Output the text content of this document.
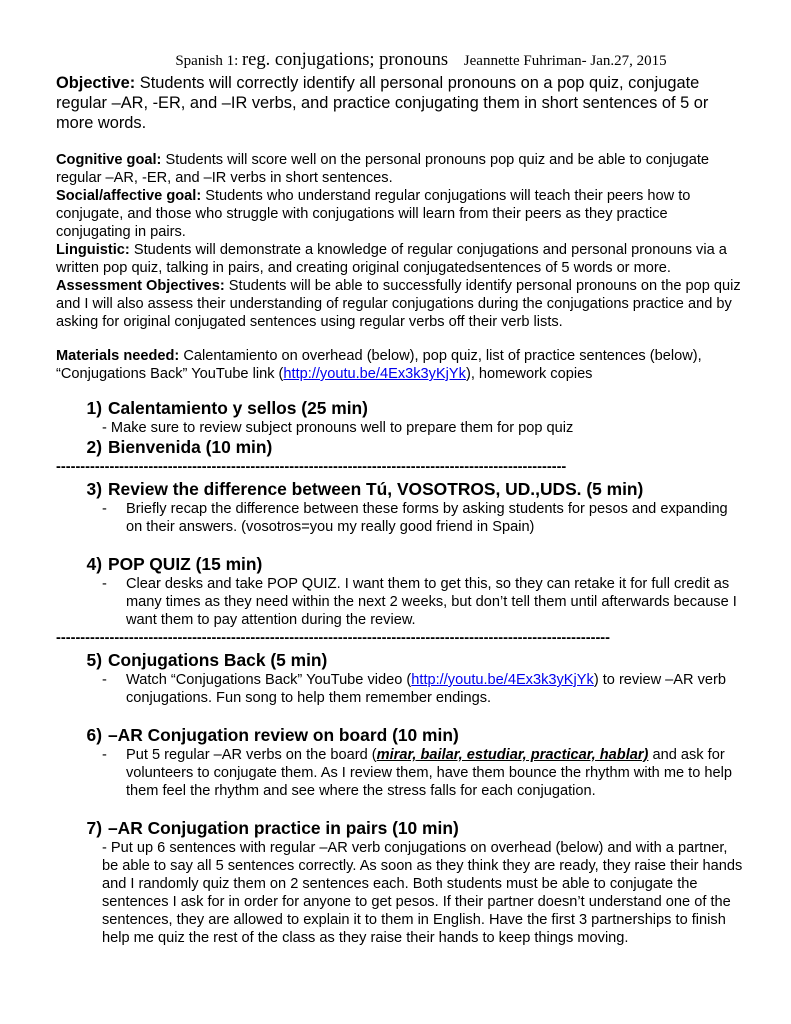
Spanish 1: reg. conjugations; pronouns Jeannette Fuhriman- Jan.27, 2015
Objective: Students will correctly identify all personal pronouns on a pop quiz, conjugate regular –AR, -ER, and –IR verbs, and practice conjugating them in short sentences of 5 or more words.

Cognitive goal: Students will score well on the personal pronouns pop quiz and be able to conjugate regular –AR, -ER, and –IR verbs in short sentences.

Social/affective goal: Students who understand regular conjugations will teach their peers how to conjugate, and those who struggle with conjugations will learn from their peers as they practice conjugating in pairs.

Linguistic: Students will demonstrate a knowledge of regular conjugations and personal pronouns via a written pop quiz, talking in pairs, and creating original conjugatedsentences of 5 words or more.

Assessment Objectives: Students will be able to successfully identify personal pronouns on the pop quiz and I will also assess their understanding of regular conjugations during the conjugations practice and by asking for original conjugated sentences using regular verbs off their verb lists.

Materials needed: Calentamiento on overhead (below), pop quiz, list of practice sentences (below), “Conjugations Back” YouTube link (http://youtu.be/4Ex3k3yKjYk), homework copies
1) Calentamiento y sellos (25 min)
- Make sure to review subject pronouns well to prepare them for pop quiz
2) Bienvenida (10 min)
---------------------------------------------------------------------------------------------------------
3) Review the difference between Tú, VOSOTROS, UD.,UDS. (5 min)
-	Briefly recap the difference between these forms by asking students for pesos and expanding on their answers. (vosotros=you my really good friend in Spain)
4) POP QUIZ (15 min)
-	Clear desks and take POP QUIZ. I want them to get this, so they can retake it for full credit as many times as they need within the next 2 weeks, but don’t tell them until afterwards because I want them to pay attention during the review.
------------------------------------------------------------------------------------------------------------------
5) Conjugations Back (5 min)
-	Watch “Conjugations Back” YouTube video (http://youtu.be/4Ex3k3yKjYk) to review –AR verb conjugations. Fun song to help them remember endings.
6) –AR Conjugation review on board (10 min)
-	Put 5 regular –AR verbs on the board (mirar, bailar, estudiar, practicar, hablar) and ask for volunteers to conjugate them. As I review them, have them bounce the rhythm with me to help them feel the rhythm and see where the stress falls for each conjugation.
7) –AR Conjugation practice in pairs (10 min)
- Put up 6 sentences with regular –AR verb conjugations on overhead (below) and with a partner, be able to say all 5 sentences correctly. As soon as they think they are ready, they raise their hands and I randomly quiz them on 2 sentences each. Both students must be able to conjugate the sentences I ask for in order for anyone to get pesos. If their partner doesn’t understand one of the sentences, they are allowed to explain it to them in English. Have the first 3 partnerships to finish help me quiz the rest of the class as they raise their hands to keep things moving.
